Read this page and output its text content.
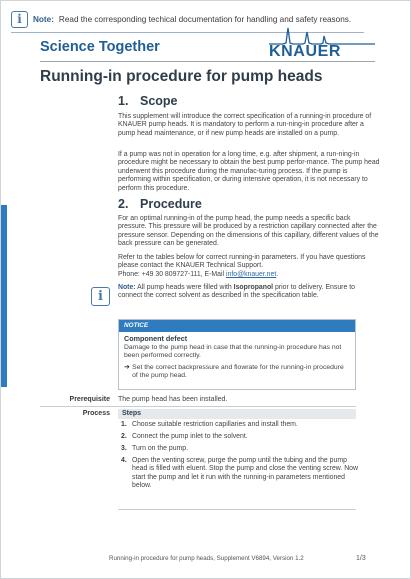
i	Note: Read the corresponding techical documentation for handling and safety reasons.
Science Together	KNAUER
Running-in procedure for pump heads
1. Scope
This supplement will introduce the correct specification of a running-in procedure of KNAUER pump heads. It is mandatory to perform a run-ning-in procedure after a pump head maintenance, or if new pump heads are installed on a pump.
If a pump was not in operation for a long time, e.g. after shipment, a run-ning-in procedure might be necessary to obtain the best pump perfor-mance. The pump head underwent this procedure during the manufac-turing process. If the pump is performing within specification, or during intensive operation, it is not necessary to perform this procedure.
2. Procedure
For an optimal running-in of the pump head, the pump needs a specific back pressure. This pressure will be produced by a restriction capillary connected after the pressure sensor. Depending on the dimensions of this capillary, different values of the back pressure can be generated.
Refer to the tables below for correct running-in parameters. If you have questions please contact the KNAUER Technical Support.
Phone: +49 30 809727-111, E-Mail info@knauer.net.
i
Note: All pump heads were filled with Isopropanol prior to delivery. Ensure to connect the correct solvent as described in the specification table.
NOTICE
Component defect
Damage to the pump head in case that the running-in procedure has not been performed correctly.
➔ Set the correct backpressure and flowrate for the running-in procedure of the pump head.
Prerequisite The pump head has been installed.
Process	Steps
1. Choose suitable restriction capillaries and install them.
2. Connect the pump inlet to the solvent.
3. Turn on the pump.
4. Open the venting screw, purge the pump until the tubing and the pump head is filled with eluent. Stop the pump and close the venting screw. Now start the pump and let it run with the running-in parameters mentioned below.
Running-in procedure for pump heads, Supplement V6894, Version 1.2	1/3
